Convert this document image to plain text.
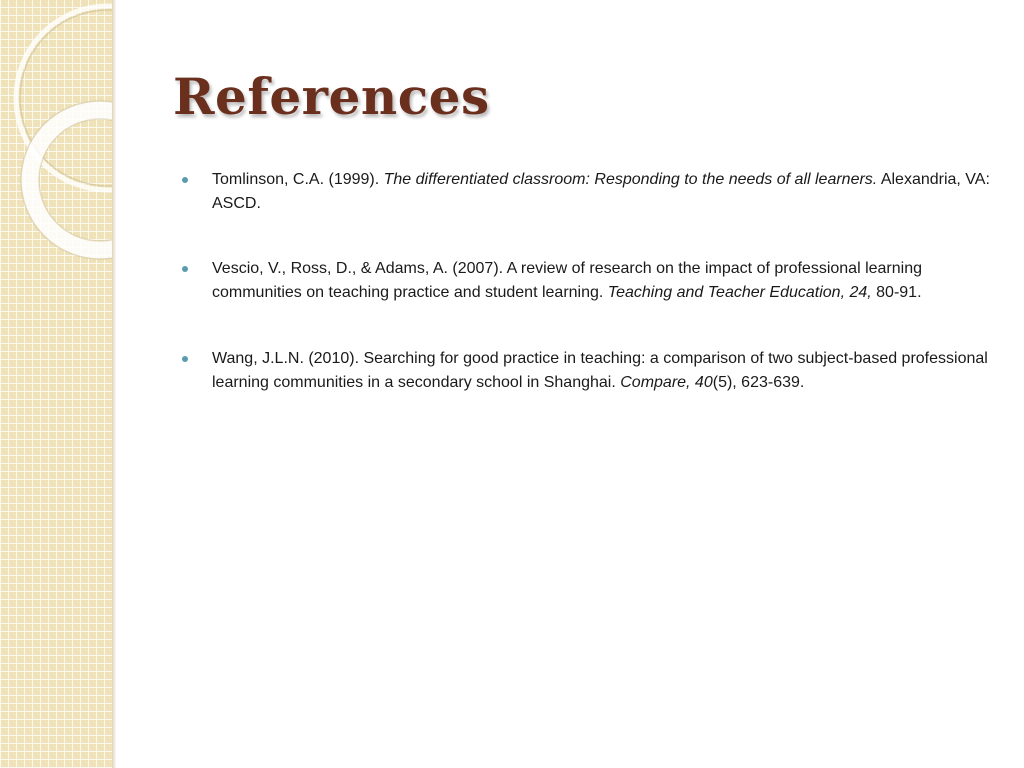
References
Tomlinson, C.A. (1999). The differentiated classroom: Responding to the needs of all learners. Alexandria, VA: ASCD.
Vescio, V., Ross, D., & Adams, A. (2007). A review of research on the impact of professional learning communities on teaching practice and student learning. Teaching and Teacher Education, 24, 80-91.
Wang, J.L.N. (2010). Searching for good practice in teaching: a comparison of two subject-based professional learning communities in a secondary school in Shanghai. Compare, 40(5), 623-639.
